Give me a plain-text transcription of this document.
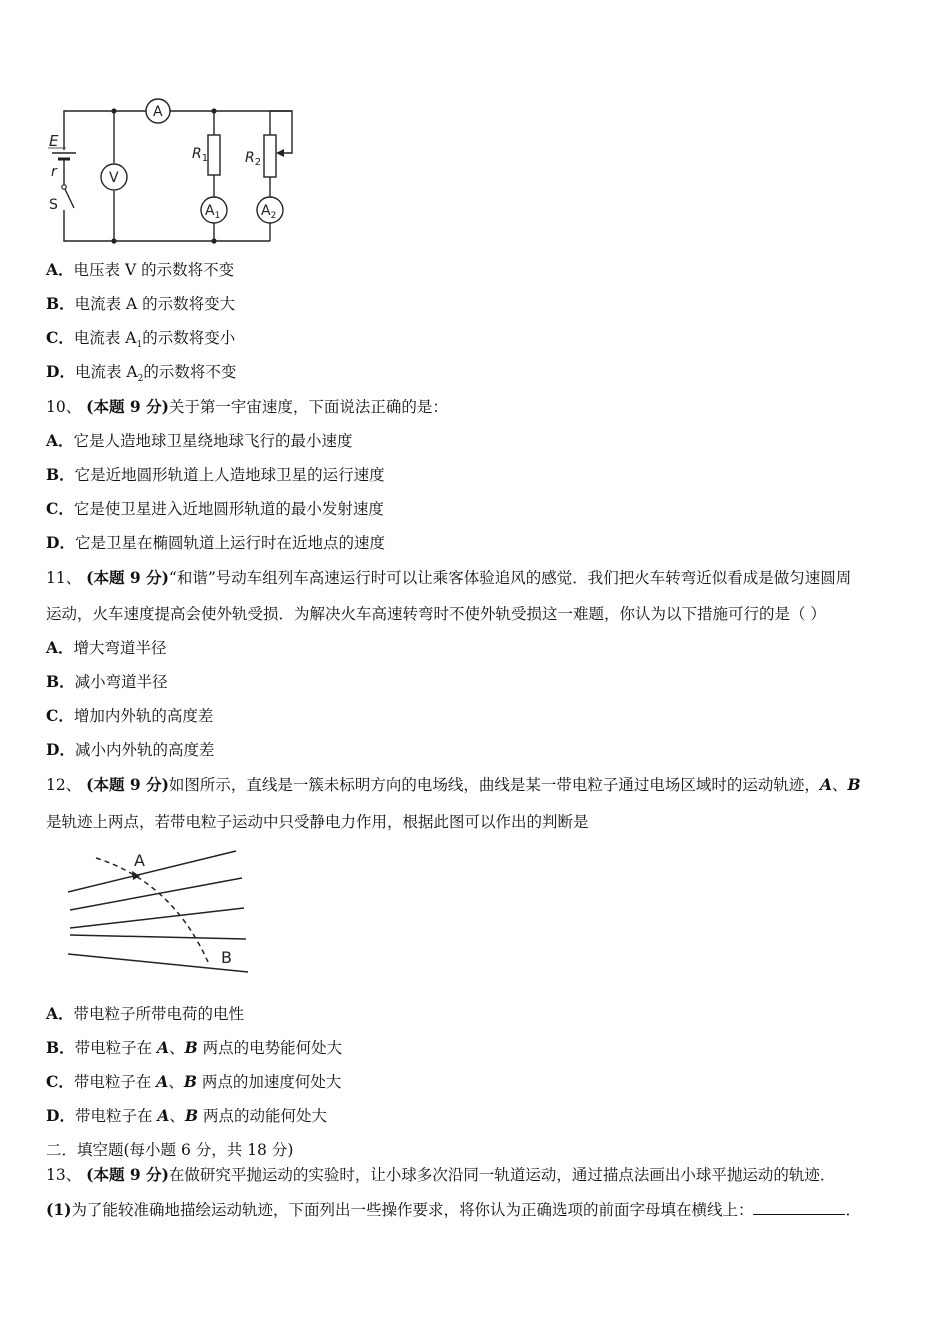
A
V
$A_1$	$A_2$
$R_1$	$R_2$
E
r
S
A．电压表 V 的示数将不变
B．电流表 A 的示数将变大
C．电流表 $A_1$的示数将变小
D．电流表 $A_2$的示数将不变
10、 (本题 9 分)关于第一宇宙速度，下面说法正确的是：
A．它是人造地球卫星绕地球飞行的最小速度
B．它是近地圆形轨道上人造地球卫星的运行速度
C．它是使卫星进入近地圆形轨道的最小发射速度
D．它是卫星在椭圆轨道上运行时在近地点的速度
11、 (本题 9 分)“和谐”号动车组列车高速运行时可以让乘客体验追风的感觉．我们把火车转弯近似看成是做匀速圆周
运动，火车速度提高会使外轨受损．为解决火车高速转弯时不使外轨受损这一难题，你认为以下措施可行的是（ ）
A．增大弯道半径
B．减小弯道半径
C．增加内外轨的高度差
D．减小内外轨的高度差
12、 (本题 9 分)如图所示，直线是一簇未标明方向的电场线，曲线是某一带电粒子通过电场区域时的运动轨迹，A、B
是轨迹上两点，若带电粒子运动中只受静电力作用，根据此图可以作出的判断是
A
B
A．带电粒子所带电荷的电性
B．带电粒子在 A、B 两点的电势能何处大
C．带电粒子在 A、B 两点的加速度何处大
D．带电粒子在 A、B 两点的动能何处大
二．填空题(每小题 6 分，共 18 分)
13、 (本题 9 分)在做研究平抛运动的实验时，让小球多次沿同一轨道运动，通过描点法画出小球平抛运动的轨迹．
(1)为了能较准确地描绘运动轨迹，下面列出一些操作要求，将你认为正确选项的前面字母填在横线上：	．
